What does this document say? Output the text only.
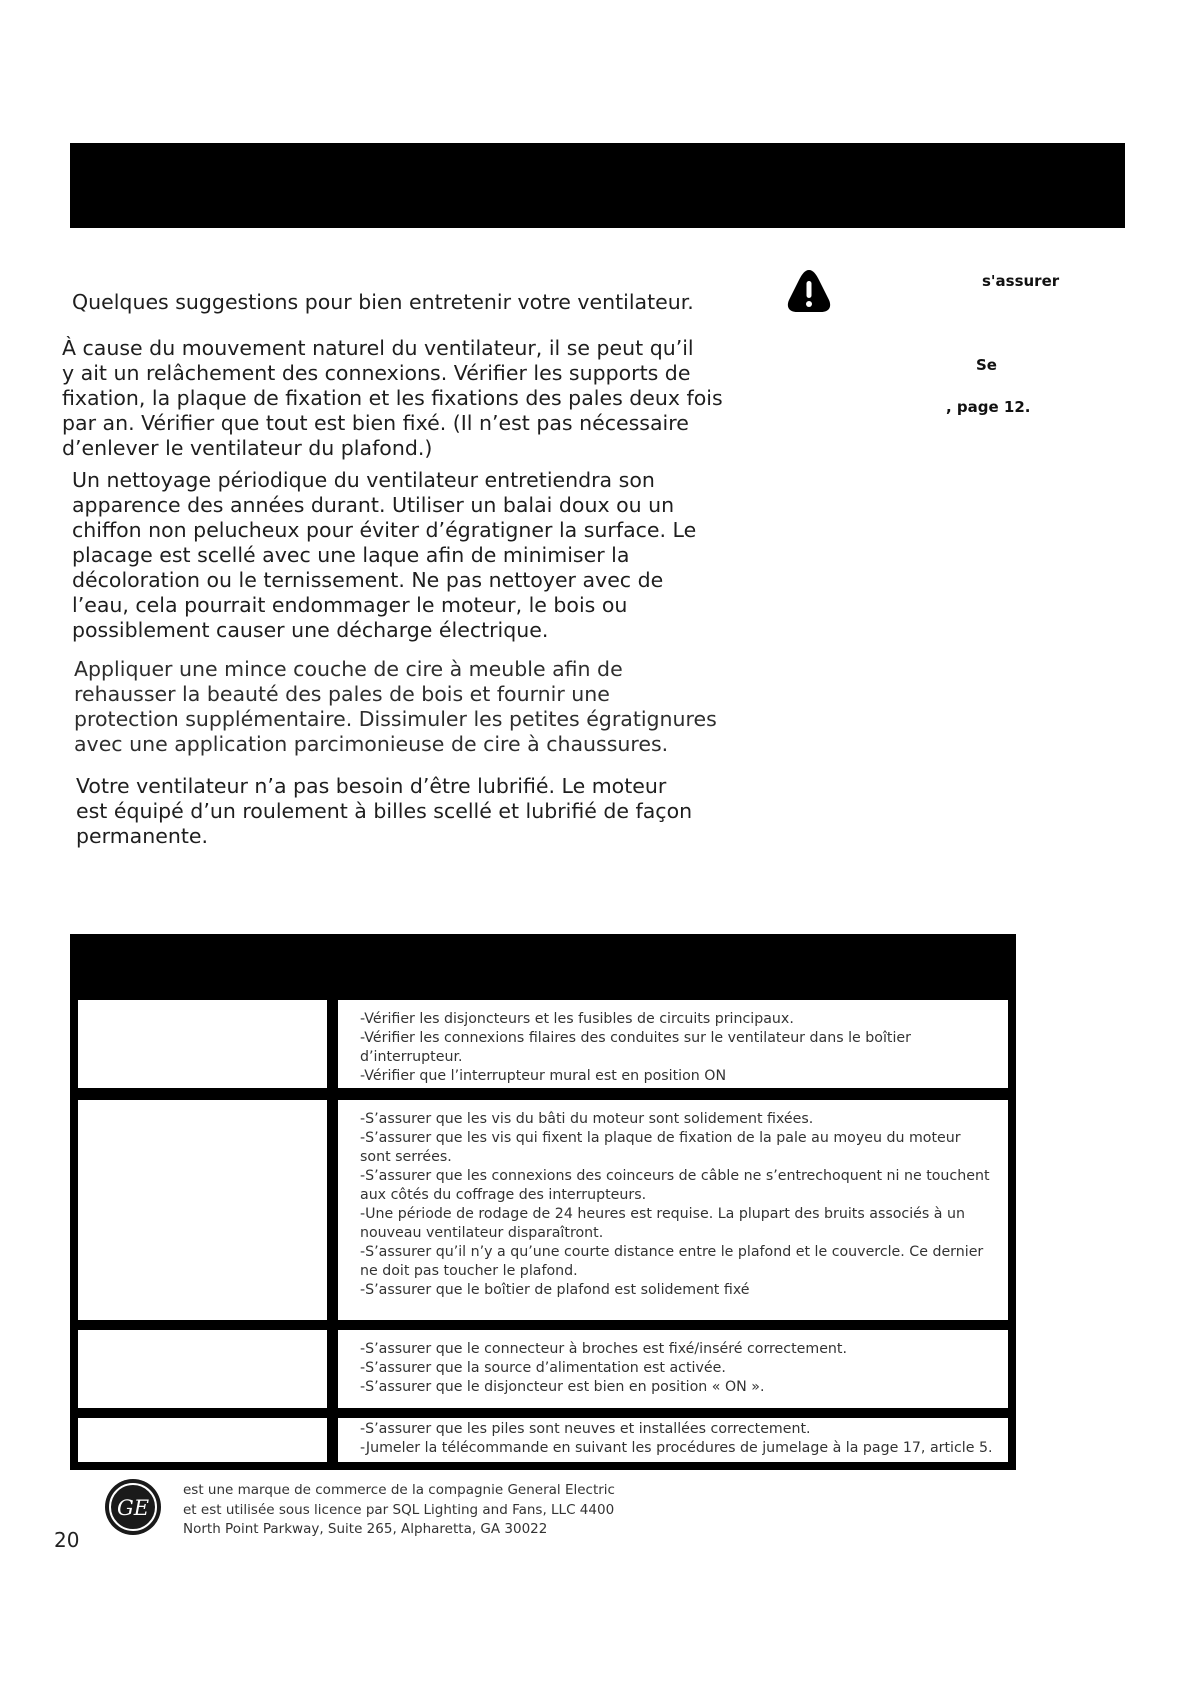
Quelques suggestions pour bien entretenir votre ventilateur.

À cause du mouvement naturel du ventilateur, il se peut qu’il
y ait un relâchement des connexions. Vérifier les supports de
fixation, la plaque de fixation et les fixations des pales deux fois
par an. Vérifier que tout est bien fixé. (Il n’est pas nécessaire
d’enlever le ventilateur du plafond.)

Un nettoyage périodique du ventilateur entretiendra son
apparence des années durant. Utiliser un balai doux ou un
chiffon non pelucheux pour éviter d’égratigner la surface. Le
placage est scellé avec une laque afin de minimiser la
décoloration ou le ternissement. Ne pas nettoyer avec de
l’eau, cela pourrait endommager le moteur, le bois ou
possiblement causer une décharge électrique.

Appliquer une mince couche de cire à meuble afin de
rehausser la beauté des pales de bois et fournir une
protection supplémentaire. Dissimuler les petites égratignures
avec une application parcimonieuse de cire à chaussures.

Votre ventilateur n’a pas besoin d’être lubrifié. Le moteur
est équipé d’un roulement à billes scellé et lubrifié de façon
permanente.

s'assurer
Se
, page 12.

-Vérifier les disjoncteurs et les fusibles de circuits principaux.
-Vérifier les connexions filaires des conduites sur le ventilateur dans le boîtier d’interrupteur.
-Vérifier que l’interrupteur mural est en position ON

-S’assurer que les vis du bâti du moteur sont solidement fixées.
-S’assurer que les vis qui fixent la plaque de fixation de la pale au moyeu du moteur
sont serrées.
-S’assurer que les connexions des coinceurs de câble ne s’entrechoquent ni ne touchent
aux côtés du coffrage des interrupteurs.
-Une période de rodage de 24 heures est requise. La plupart des bruits associés à un
nouveau ventilateur disparaîtront.
-S’assurer qu’il n’y a qu’une courte distance entre le plafond et le couvercle. Ce dernier
ne doit pas toucher le plafond.
-S’assurer que le boîtier de plafond est solidement fixé

-S’assurer que le connecteur à broches est fixé/inséré correctement.
-S’assurer que la source d’alimentation est activée.
-S’assurer que le disjoncteur est bien en position « ON ».

-S’assurer que les piles sont neuves et installées correctement.
-Jumeler la télécommande en suivant les procédures de jumelage à la page 17, article 5.

GE
est une marque de commerce de la compagnie General Electric
et est utilisée sous licence par SQL Lighting and Fans, LLC 4400
North Point Parkway, Suite 265, Alpharetta, GA 30022
20
